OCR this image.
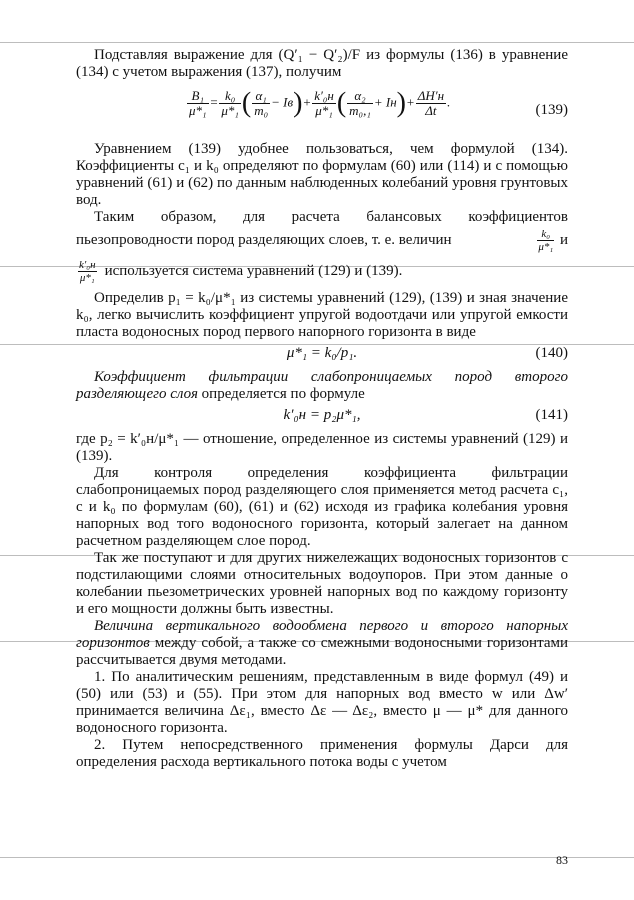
Подставляя выражение для (Q′₁ − Q′₂)/F из формулы (136) в уравнение (134) с учетом выражения (137), получим

$\frac{\text{B₁}}{\text{μ*₁}} = \frac{\text{k₀}}{\text{μ*₁}}$ ( $\frac{\text{α₁}}{\text{m₀}} - Iв)+ \frac{\text{k′₀н}}{\text{μ*₁}}$ ( $\frac{\text{α₂}}{\text{m₀,₁}} + Iн)+ \frac{\Delta H'н}{\Delta t}$ .
(139)

Уравнением (139) удобнее пользоваться, чем формулой (134). Коэффициенты c₁ и k₀ определяют по формулам (60) или (114) и с помощью уравнений (61) и (62) по данным наблюденных колебаний уровня грунтовых вод.

Таким образом, для расчета балансовых коэффициентов

пьезопроводности пород разделяющих слоев, т. е. величин	$\frac{\text{k₀}}{\text{μ*₁}}$ и
k′₀н
μ*₁ используется система уравнений (129) и (139).

Определив p₁ = k₀/μ*₁ из системы уравнений (129), (139) и зная значение k₀, легко вычислить коэффициент упругой водоотдачи или упругой емкости пласта водоносных пород первого напорного горизонта в виде

μ*₁ = k₀/p₁.	(140)

Коэффициент фильтрации слабопроницаемых пород второго разделяющего слоя определяется по формуле

k′₀н = p₂μ*₁,	(141)

где p₂ = k′₀н/μ*₁ — отношение, определенное из системы уравнений (129) и (139).

Для контроля определения коэффициента фильтрации слабопроницаемых пород разделяющего слоя применяется метод расчета c₁, c и k₀ по формулам (60), (61) и (62) исходя из графика колебания уровня напорных вод того водоносного горизонта, который залегает на данном расчетном разделяющем слое пород.

Так же поступают и для других нижележащих водоносных горизонтов с подстилающими слоями относительных водоупоров. При этом данные о колебании пьезометрических уровней напорных вод по каждому горизонту и его мощности должны быть известны.

Величина вертикального водообмена первого и второго напорных горизонтов между собой, а также со смежными водоносными горизонтами рассчитывается двумя методами.

1. По аналитическим решениям, представленным в виде формул (49) и (50) или (53) и (55). При этом для напорных вод вместо w или Δw′ принимается величина Δε₁, вместо Δε — Δε₂, вместо μ — μ* для данного водоносного горизонта.

2. Путем непосредственного применения формулы Дарси для определения расхода вертикального потока воды с учетом

83
